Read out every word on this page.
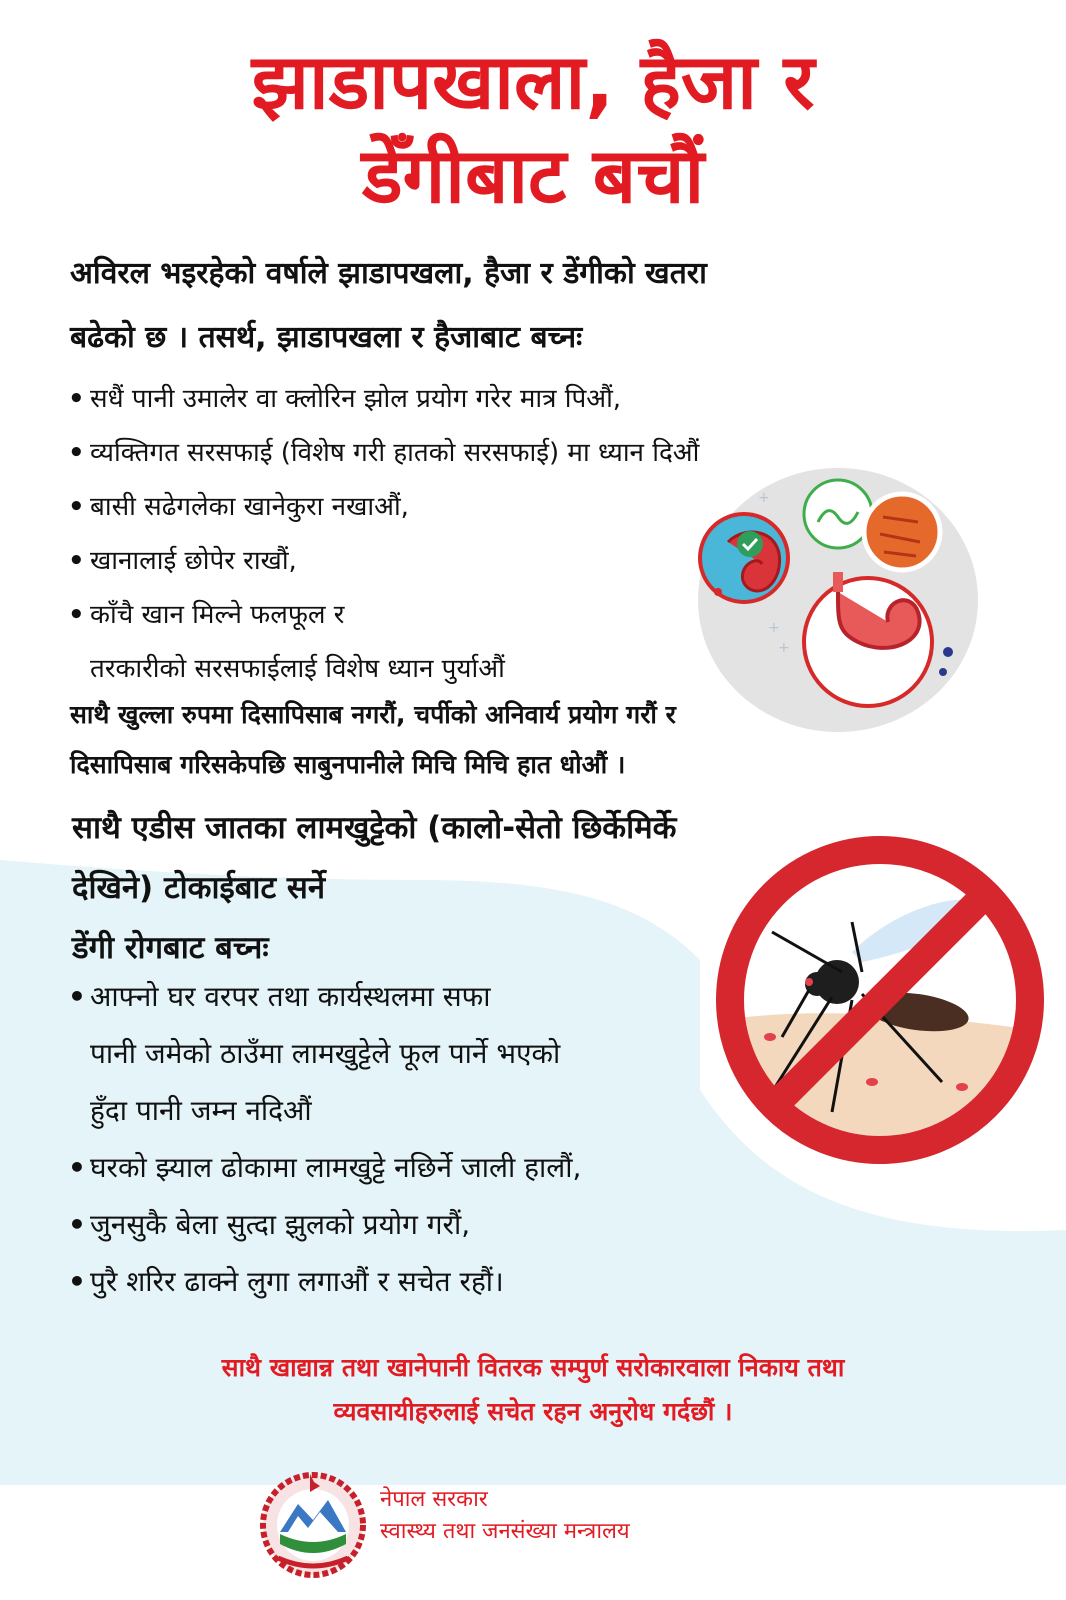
झाडापखाला, हैजा र
डेँगीबाट बचौं
अविरल भइरहेको वर्षाले झाडापखला, हैजा र डेंगीको खतरा
बढेको छ । तसर्थ, झाडापखला र हैजाबाट बच्नः
• सधैं पानी उमालेर वा क्लोरिन झोल प्रयोग गरेर मात्र पिऔं,
• व्यक्तिगत सरसफाई (विशेष गरी हातको सरसफाई) मा ध्यान दिऔं
• बासी सढेगलेका खानेकुरा नखाऔं,
• खानालाई छोपेर राखौं,
• काँचै खान मिल्ने फलफूल र
तरकारीको सरसफाईलाई विशेष ध्यान पुर्याऔं
+
+
+
साथै खुल्ला रुपमा दिसापिसाब नगरौं, चर्पीको अनिवार्य प्रयोग गरौं र
दिसापिसाब गरिसकेपछि साबुनपानीले मिचि मिचि हात धोऔं ।
साथै एडीस जातका लामखुट्टेको (कालो-सेतो छिर्केमिर्के
देखिने) टोकाईबाट सर्ने
डेंगी रोगबाट बच्नः
• आफ्नो घर वरपर तथा कार्यस्थलमा सफा
पानी जमेको ठाउँमा लामखुट्टेले फूल पार्ने भएको
हुँदा पानी जम्न नदिऔं
• घरको झ्याल ढोकामा लामखुट्टे नछिर्ने जाली हालौं,
• जुनसुकै बेला सुत्दा झुलको प्रयोग गरौं,
• पुरै शरिर ढाक्ने लुगा लगाऔं र सचेत रहौं।
साथै खाद्यान्न तथा खानेपानी वितरक सम्पुर्ण सरोकारवाला निकाय तथा
व्यवसायीहरुलाई सचेत रहन अनुरोध गर्दछौं ।
नेपाल सरकार
स्वास्थ्य तथा जनसंख्या मन्त्रालय
